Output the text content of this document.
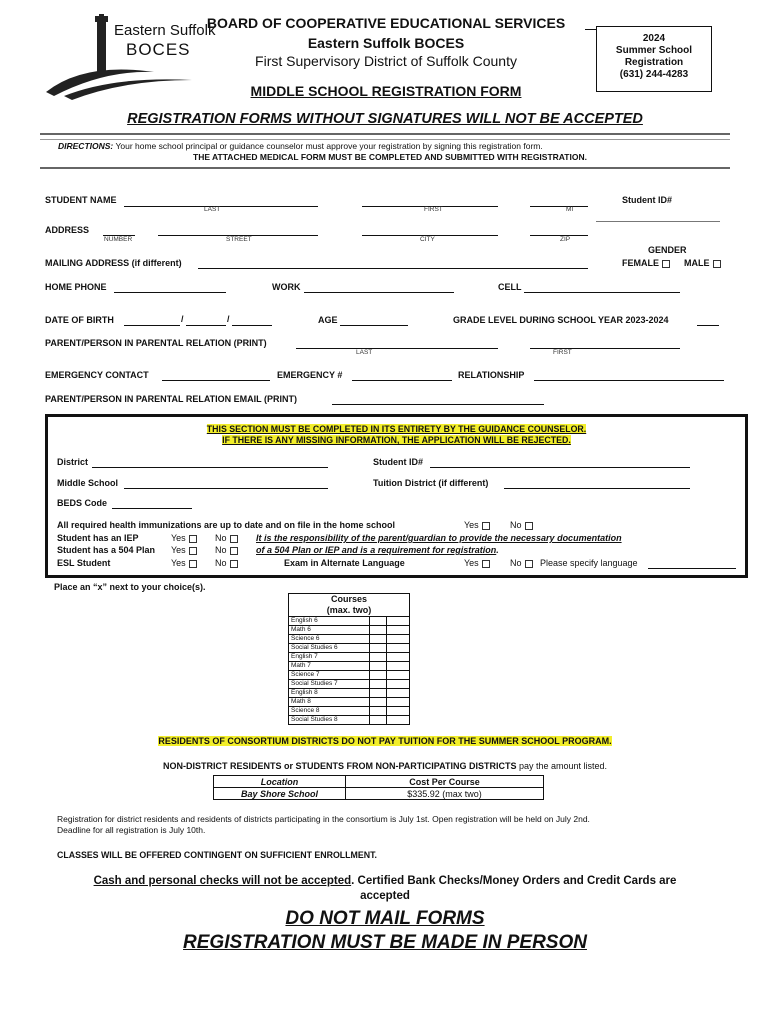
Eastern Suffolk
BOCES
BOARD OF COOPERATIVE EDUCATIONAL SERVICES
Eastern Suffolk BOCES
First Supervisory District of Suffolk County
MIDDLE SCHOOL REGISTRATION FORM
2024
Summer School
Registration
(631) 244-4283
REGISTRATION FORMS WITHOUT SIGNATURES WILL NOT BE ACCEPTED
DIRECTIONS: Your home school principal or guidance counselor must approve your registration by signing this registration form.
THE ATTACHED MEDICAL FORM MUST BE COMPLETED AND SUBMITTED WITH REGISTRATION.
STUDENT NAME
LAST	FIRST	MI
Student ID#
ADDRESS
NUMBER	STREET	CITY	ZIP
GENDER
MAILING ADDRESS (if different)	FEMALE	MALE
HOME PHONE	WORK	CELL
DATE OF BIRTH	/	/	AGE	GRADE LEVEL DURING SCHOOL YEAR 2023-2024
PARENT/PERSON IN PARENTAL RELATION (PRINT)
LAST	FIRST
EMERGENCY CONTACT	EMERGENCY #	RELATIONSHIP
PARENT/PERSON IN PARENTAL RELATION EMAIL (PRINT)
THIS SECTION MUST BE COMPLETED IN ITS ENTIRETY BY THE GUIDANCE COUNSELOR.
IF THERE IS ANY MISSING INFORMATION, THE APPLICATION WILL BE REJECTED.
District	Student ID#
Middle School	Tuition District (if different)
BEDS Code
All required health immunizations are up to date and on file in the home school	Yes	No
Student has an IEP	Yes	No	It is the responsibility of the parent/guardian to provide the necessary documentation
Student has a 504 Plan Yes	No	of a 504 Plan or IEP and is a requirement for registration.
ESL Student	Yes	No	Exam in Alternate Language	Yes	No	Please specify language
Place an “x” next to your choice(s).
Courses
(max. two)		

English 6		
Math 6		
Science 6		
Social Studies 6		
English 7		
Math 7		
Science 7		
Social Studies 7		
English 8		
Math 8		
Science 8		
Social Studies 8		
RESIDENTS OF CONSORTIUM DISTRICTS DO NOT PAY TUITION FOR THE SUMMER SCHOOL PROGRAM.
NON-DISTRICT RESIDENTS or STUDENTS FROM NON-PARTICIPATING DISTRICTS pay the amount listed.
Location	Cost Per Course
Bay Shore School	$335.92 (max two)
Registration for district residents and residents of districts participating in the consortium is July 1st. Open registration will be held on July 2nd.
Deadline for all registration is July 10th.
CLASSES WILL BE OFFERED CONTINGENT ON SUFFICIENT ENROLLMENT.
Cash and personal checks will not be accepted. Certified Bank Checks/Money Orders and Credit Cards are
accepted
DO NOT MAIL FORMS
REGISTRATION MUST BE MADE IN PERSON
